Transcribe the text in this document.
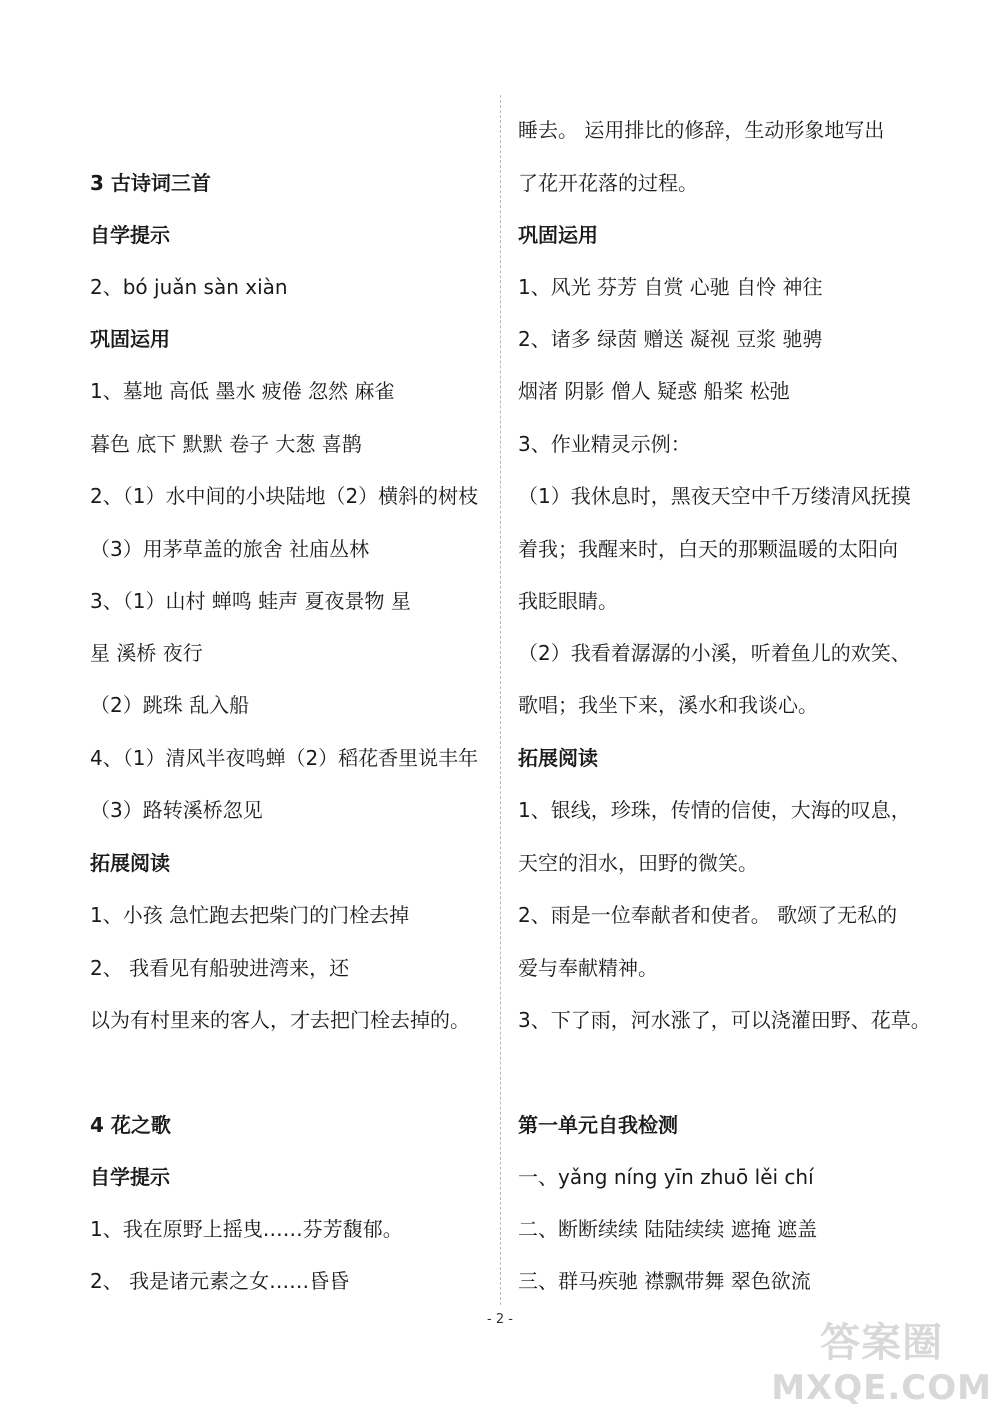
3 古诗词三首
自学提示
2、bó juǎn sàn xiàn
巩固运用
1、墓地 高低 墨水 疲倦 忽然 麻雀
暮色 底下 默默 卷子 大葱 喜鹊
2、（1）水中间的小块陆地（2）横斜的树枝
（3）用茅草盖的旅舍 社庙丛林
3、（1）山村 蝉鸣 蛙声 夏夜景物 星
星 溪桥 夜行
（2）跳珠 乱入船
4、（1）清风半夜鸣蝉（2）稻花香里说丰年
（3）路转溪桥忽见
拓展阅读
1、小孩 急忙跑去把柴门的门栓去掉
2、 我看见有船驶进湾来，还
以为有村里来的客人，才去把门栓去掉的。
4 花之歌
自学提示
1、我在原野上摇曳……芬芳馥郁。
2、 我是诸元素之女……昏昏
睡去。 运用排比的修辞，生动形象地写出
了花开花落的过程。
巩固运用
1、风光 芬芳 自赏 心驰 自怜 神往
2、诸多 绿茵 赠送 凝视 豆浆 驰骋
烟渚 阴影 僧人 疑惑 船桨 松弛
3、作业精灵示例：
（1）我休息时，黑夜天空中千万缕清风抚摸
着我；我醒来时，白天的那颗温暖的太阳向
我眨眼睛。
（2）我看着潺潺的小溪，听着鱼儿的欢笑、
歌唱；我坐下来，溪水和我谈心。
拓展阅读
1、银线，珍珠，传情的信使，大海的叹息，
天空的泪水，田野的微笑。
2、雨是一位奉献者和使者。 歌颂了无私的
爱与奉献精神。
3、下了雨，河水涨了，可以浇灌田野、花草。
第一单元自我检测
一、yǎng níng yīn zhuō lěi chí
二、断断续续 陆陆续续 遮掩 遮盖
三、群马疾驰 襟飘带舞 翠色欲流
- 2 -
答案圈
MXQE.COM
